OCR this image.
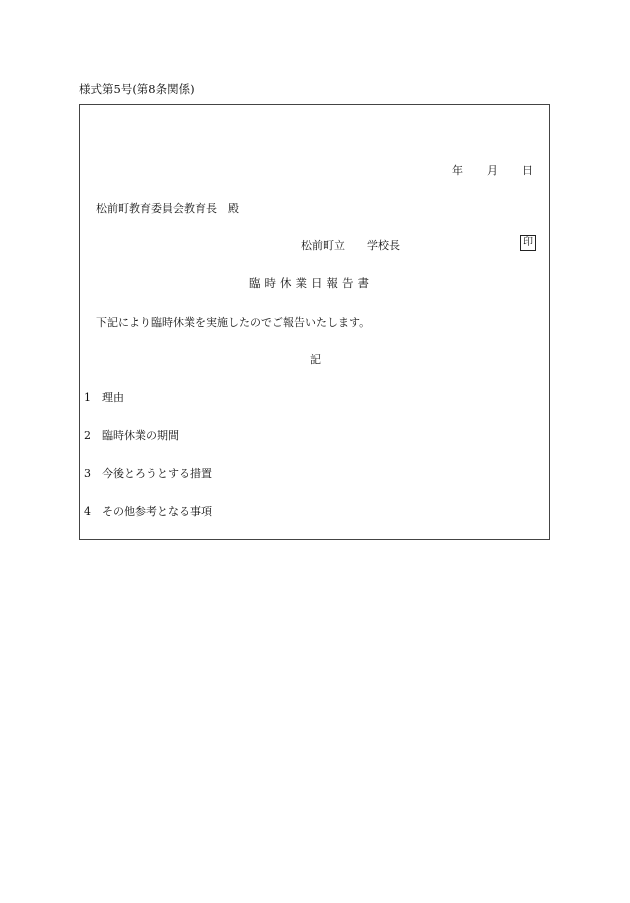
様式第5号(第8条関係)
年 月 日
松前町教育委員会教育長　殿
松前町立 学校長	印
臨時休業日報告書
下記により臨時休業を実施したのでご報告いたします。
記
1 理由
2 臨時休業の期間
3 今後とろうとする措置
4 その他参考となる事項
